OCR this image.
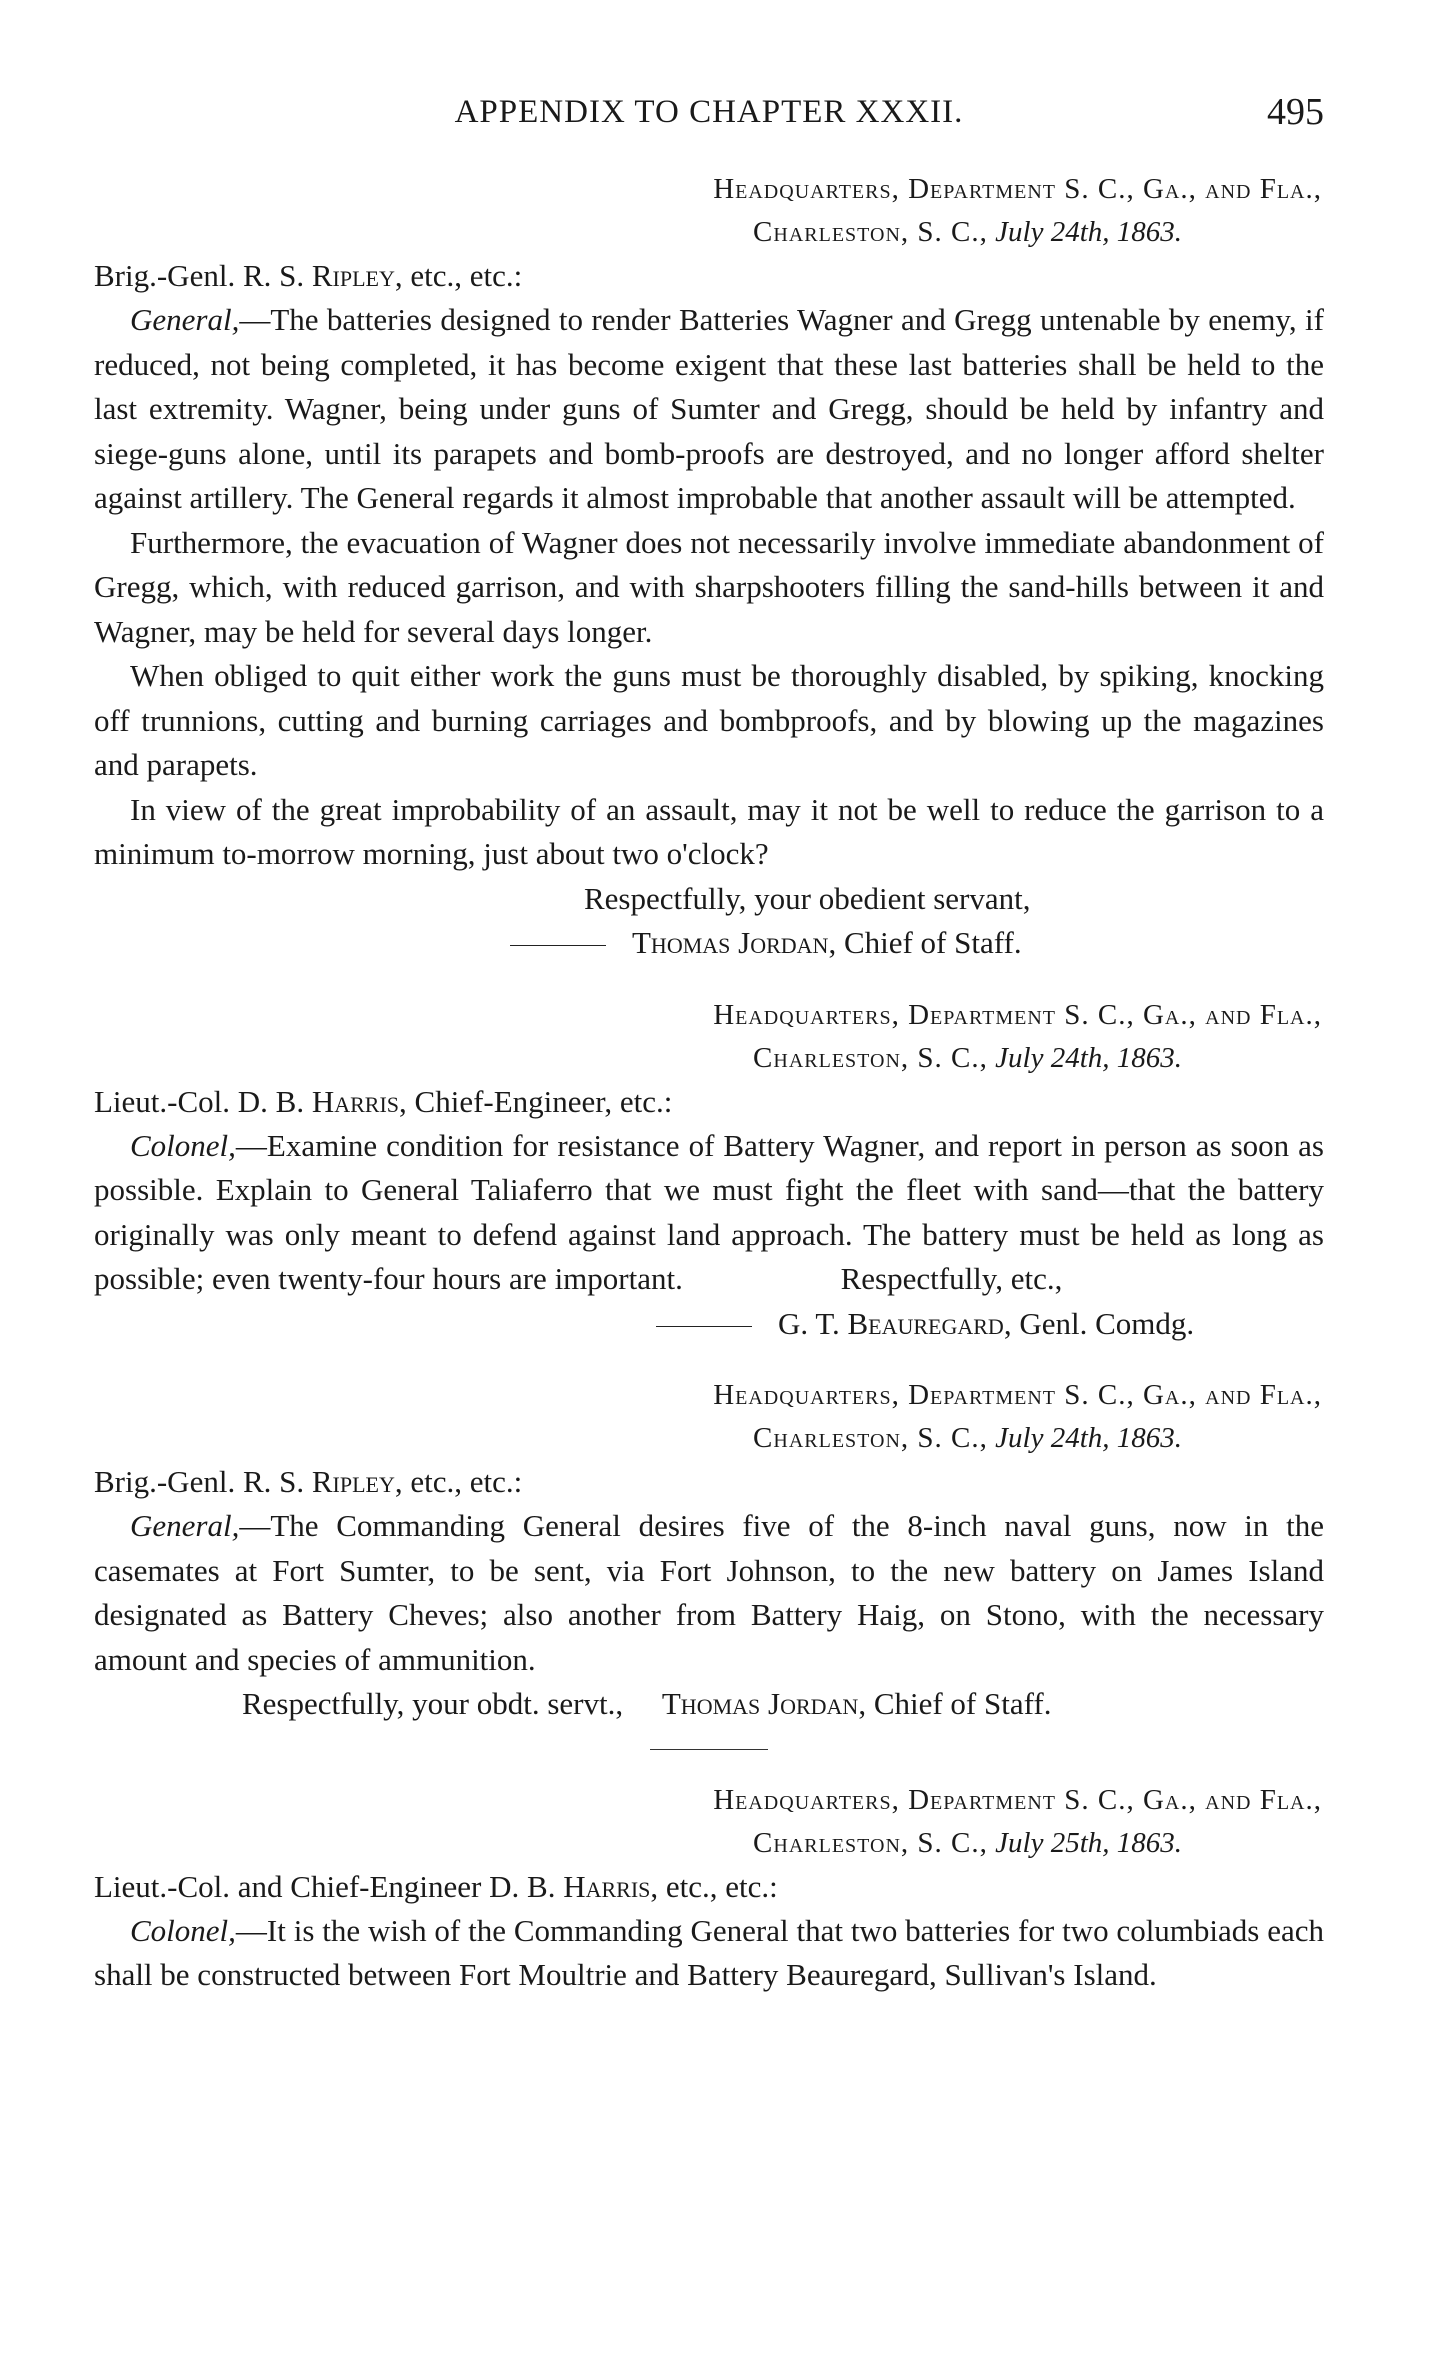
APPENDIX TO CHAPTER XXXII.	495
Headquarters, Department S. C., Ga., and Fla.,
Charleston, S. C., July 24th, 1863.
Brig.-Genl. R. S. Ripley, etc., etc.:

General,—The batteries designed to render Batteries Wagner and Gregg untenable by enemy, if reduced, not being completed, it has become exigent that these last batteries shall be held to the last extremity. Wagner, being under guns of Sumter and Gregg, should be held by infantry and siege-guns alone, until its parapets and bomb-proofs are destroyed, and no longer afford shelter against artillery. The General regards it almost improbable that another assault will be attempted.

Furthermore, the evacuation of Wagner does not necessarily involve immediate abandonment of Gregg, which, with reduced garrison, and with sharpshooters filling the sand-hills between it and Wagner, may be held for several days longer.

When obliged to quit either work the guns must be thoroughly disabled, by spiking, knocking off trunnions, cutting and burning carriages and bombproofs, and by blowing up the magazines and parapets.

In view of the great improbability of an assault, may it not be well to reduce the garrison to a minimum to-morrow morning, just about two o'clock?

Respectfully, your obedient servant,
Thomas Jordan, Chief of Staff.
Headquarters, Department S. C., Ga., and Fla.,
Charleston, S. C., July 24th, 1863.
Lieut.-Col. D. B. Harris, Chief-Engineer, etc.:

Colonel,—Examine condition for resistance of Battery Wagner, and report in person as soon as possible. Explain to General Taliaferro that we must fight the fleet with sand—that the battery originally was only meant to defend against land approach. The battery must be held as long as possible; even twenty-four hours are important.	Respectfully, etc.,

G. T. Beauregard, Genl. Comdg.
Headquarters, Department S. C., Ga., and Fla.,
Charleston, S. C., July 24th, 1863.
Brig.-Genl. R. S. Ripley, etc., etc.:

General,—The Commanding General desires five of the 8-inch naval guns, now in the casemates at Fort Sumter, to be sent, via Fort Johnson, to the new battery on James Island designated as Battery Cheves; also another from Battery Haig, on Stono, with the necessary amount and species of ammunition.

Respectfully, your obdt. servt., Thomas Jordan, Chief of Staff.
Headquarters, Department S. C., Ga., and Fla.,
Charleston, S. C., July 25th, 1863.
Lieut.-Col. and Chief-Engineer D. B. Harris, etc., etc.:

Colonel,—It is the wish of the Commanding General that two batteries for two columbiads each shall be constructed between Fort Moultrie and Battery Beauregard, Sullivan's Island.
